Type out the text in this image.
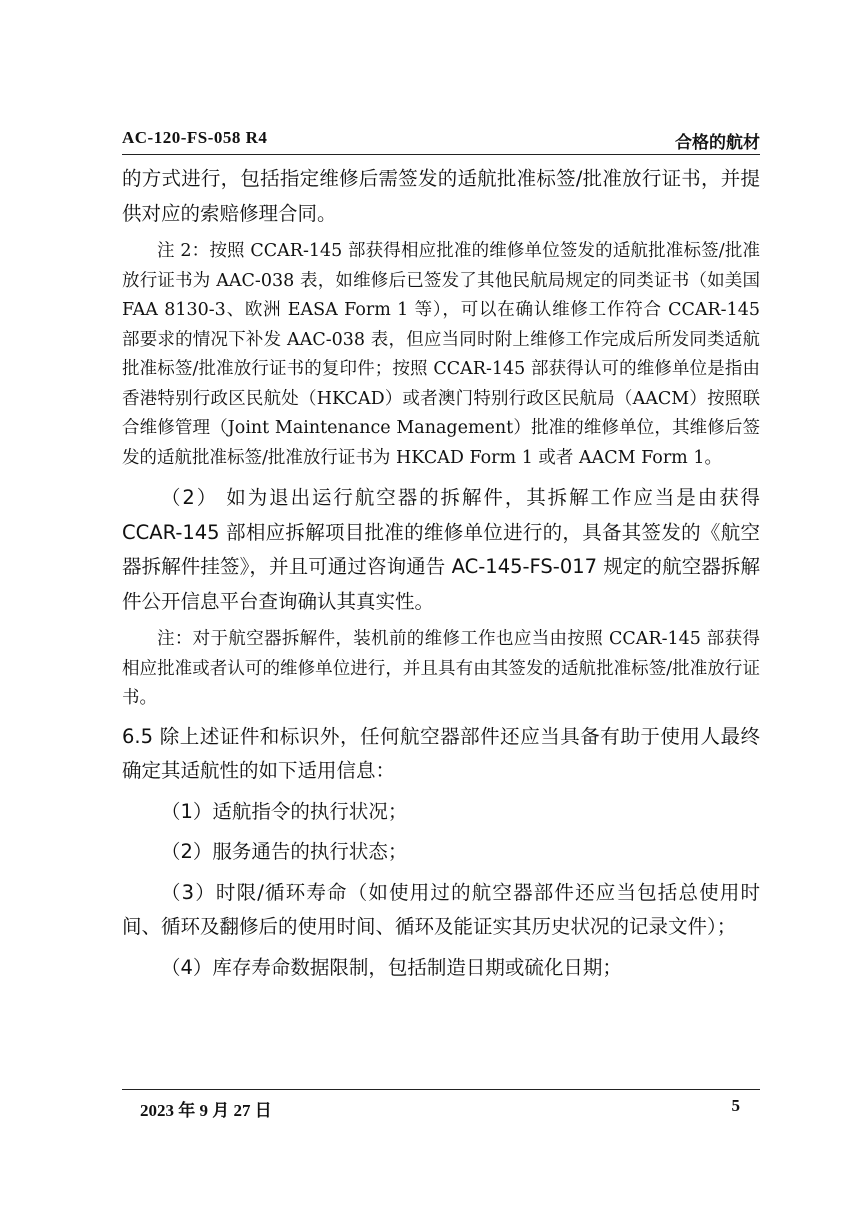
AC-120-FS-058 R4	合格的航材

的方式进行，包括指定维修后需签发的适航批准标签/批准放行证书，并提供对应的索赔修理合同。

注 2：按照 CCAR-145 部获得相应批准的维修单位签发的适航批准标签/批准放行证书为 AAC-038 表，如维修后已签发了其他民航局规定的同类证书（如美国 FAA 8130-3、欧洲 EASA Form 1 等），可以在确认维修工作符合 CCAR-145 部要求的情况下补发 AAC-038 表，但应当同时附上维修工作完成后所发同类适航批准标签/批准放行证书的复印件；按照 CCAR-145 部获得认可的维修单位是指由香港特别行政区民航处（HKCAD）或者澳门特别行政区民航局（AACM）按照联合维修管理（Joint Maintenance Management）批准的维修单位，其维修后签发的适航批准标签/批准放行证书为 HKCAD Form 1 或者 AACM Form 1。

（2） 如为退出运行航空器的拆解件，其拆解工作应当是由获得 CCAR-145 部相应拆解项目批准的维修单位进行的，具备其签发的《航空器拆解件挂签》，并且可通过咨询通告 AC-145-FS-017 规定的航空器拆解件公开信息平台查询确认其真实性。

注：对于航空器拆解件，装机前的维修工作也应当由按照 CCAR-145 部获得相应批准或者认可的维修单位进行，并且具有由其签发的适航批准标签/批准放行证书。

6.5 除上述证件和标识外，任何航空器部件还应当具备有助于使用人最终确定其适航性的如下适用信息：

（1）适航指令的执行状况；

（2）服务通告的执行状态；

（3）时限/循环寿命（如使用过的航空器部件还应当包括总使用时间、循环及翻修后的使用时间、循环及能证实其历史状况的记录文件）；

（4）库存寿命数据限制，包括制造日期或硫化日期；

2023 年 9 月 27 日	5
